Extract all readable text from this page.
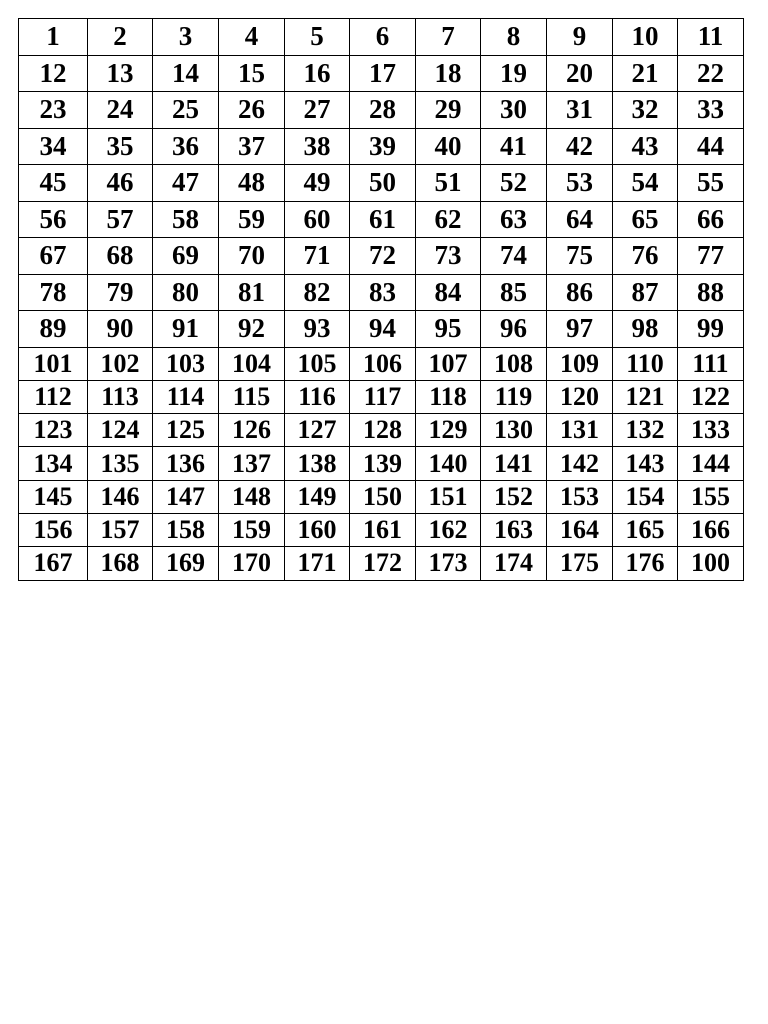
1	2	3	4	5	6	7	8	9	10	11
12	13	14	15	16	17	18	19	20	21	22
23	24	25	26	27	28	29	30	31	32	33
34	35	36	37	38	39	40	41	42	43	44
45	46	47	48	49	50	51	52	53	54	55
56	57	58	59	60	61	62	63	64	65	66
67	68	69	70	71	72	73	74	75	76	77
78	79	80	81	82	83	84	85	86	87	88
89	90	91	92	93	94	95	96	97	98	99
101	102	103	104	105	106	107	108	109	110	111
112	113	114	115	116	117	118	119	120	121	122
123	124	125	126	127	128	129	130	131	132	133
134	135	136	137	138	139	140	141	142	143	144
145	146	147	148	149	150	151	152	153	154	155
156	157	158	159	160	161	162	163	164	165	166
167	168	169	170	171	172	173	174	175	176	100
